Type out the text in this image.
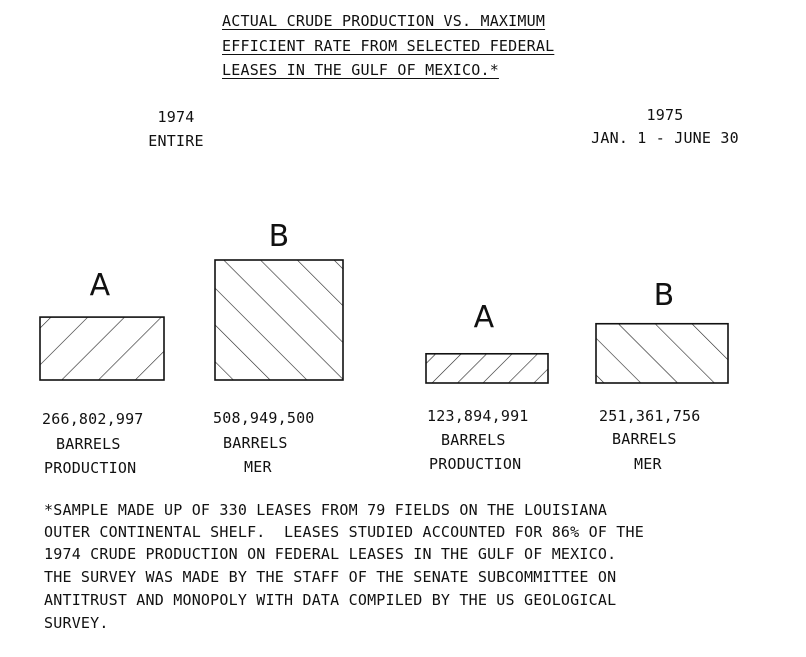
ACTUAL CRUDE PRODUCTION VS. MAXIMUM
EFFICIENT RATE FROM SELECTED FEDERAL
LEASES IN THE GULF OF MEXICO.*
1974
ENTIRE
1975
JAN. 1 - JUNE 30
A
B
A
B
266,802,997
BARRELS
PRODUCTION
508,949,500
BARRELS
MER
123,894,991
BARRELS
PRODUCTION
251,361,756
BARRELS
MER
*SAMPLE MADE UP OF 330 LEASES FROM 79 FIELDS ON THE LOUISIANA
OUTER CONTINENTAL SHELF.  LEASES STUDIED ACCOUNTED FOR 86% OF THE
1974 CRUDE PRODUCTION ON FEDERAL LEASES IN THE GULF OF MEXICO.
THE SURVEY WAS MADE BY THE STAFF OF THE SENATE SUBCOMMITTEE ON
ANTITRUST AND MONOPOLY WITH DATA COMPILED BY THE US GEOLOGICAL
SURVEY.
